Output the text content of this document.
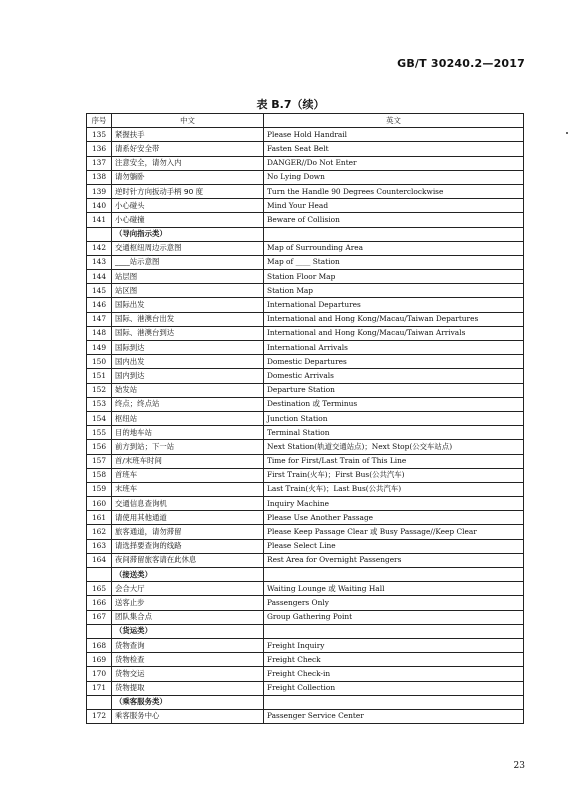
GB/T 30240.2—2017
表 B.7（续）
序号	中文	英文
135	紧握扶手	Please Hold Handrail
136	请系好安全带	Fasten Seat Belt
137	注意安全，请勿入内	DANGER//Do Not Enter
138	请勿躺卧	No Lying Down
139	逆时针方向扳动手柄 90 度	Turn the Handle 90 Degrees Counterclockwise
140	小心碰头	Mind Your Head
141	小心碰撞	Beware of Collision
	（导向指示类）	
142	交通枢纽周边示意图	Map of Surrounding Area
143	____站示意图	Map of ____ Station
144	站层图	Station Floor Map
145	站区图	Station Map
146	国际出发	International Departures
147	国际、港澳台出发	International and Hong Kong/Macau/Taiwan Departures
148	国际、港澳台到达	International and Hong Kong/Macau/Taiwan Arrivals
149	国际到达	International Arrivals
150	国内出发	Domestic Departures
151	国内到达	Domestic Arrivals
152	始发站	Departure Station
153	终点；终点站	Destination 或 Terminus
154	枢纽站	Junction Station
155	目的地车站	Terminal Station
156	前方到站；下一站	Next Station(轨道交通站点)；Next Stop(公交车站点)
157	首/末班车时间	Time for First/Last Train of This Line
158	首班车	First Train(火车)；First Bus(公共汽车)
159	末班车	Last Train(火车)；Last Bus(公共汽车)
160	交通信息查询机	Inquiry Machine
161	请使用其他通道	Please Use Another Passage
162	旅客通道，请勿滞留	Please Keep Passage Clear 或 Busy Passage//Keep Clear
163	请选择要查询的线路	Please Select Line
164	夜间滞留旅客请在此休息	Rest Area for Overnight Passengers
	（接送类）	
165	会合大厅	Waiting Lounge 或 Waiting Hall
166	送客止步	Passengers Only
167	团队集合点	Group Gathering Point
	（货运类）	
168	货物查询	Freight Inquiry
169	货物检查	Freight Check
170	货物交运	Freight Check-in
171	货物提取	Freight Collection
	（乘客服务类）	
172	乘客服务中心	Passenger Service Center
23
